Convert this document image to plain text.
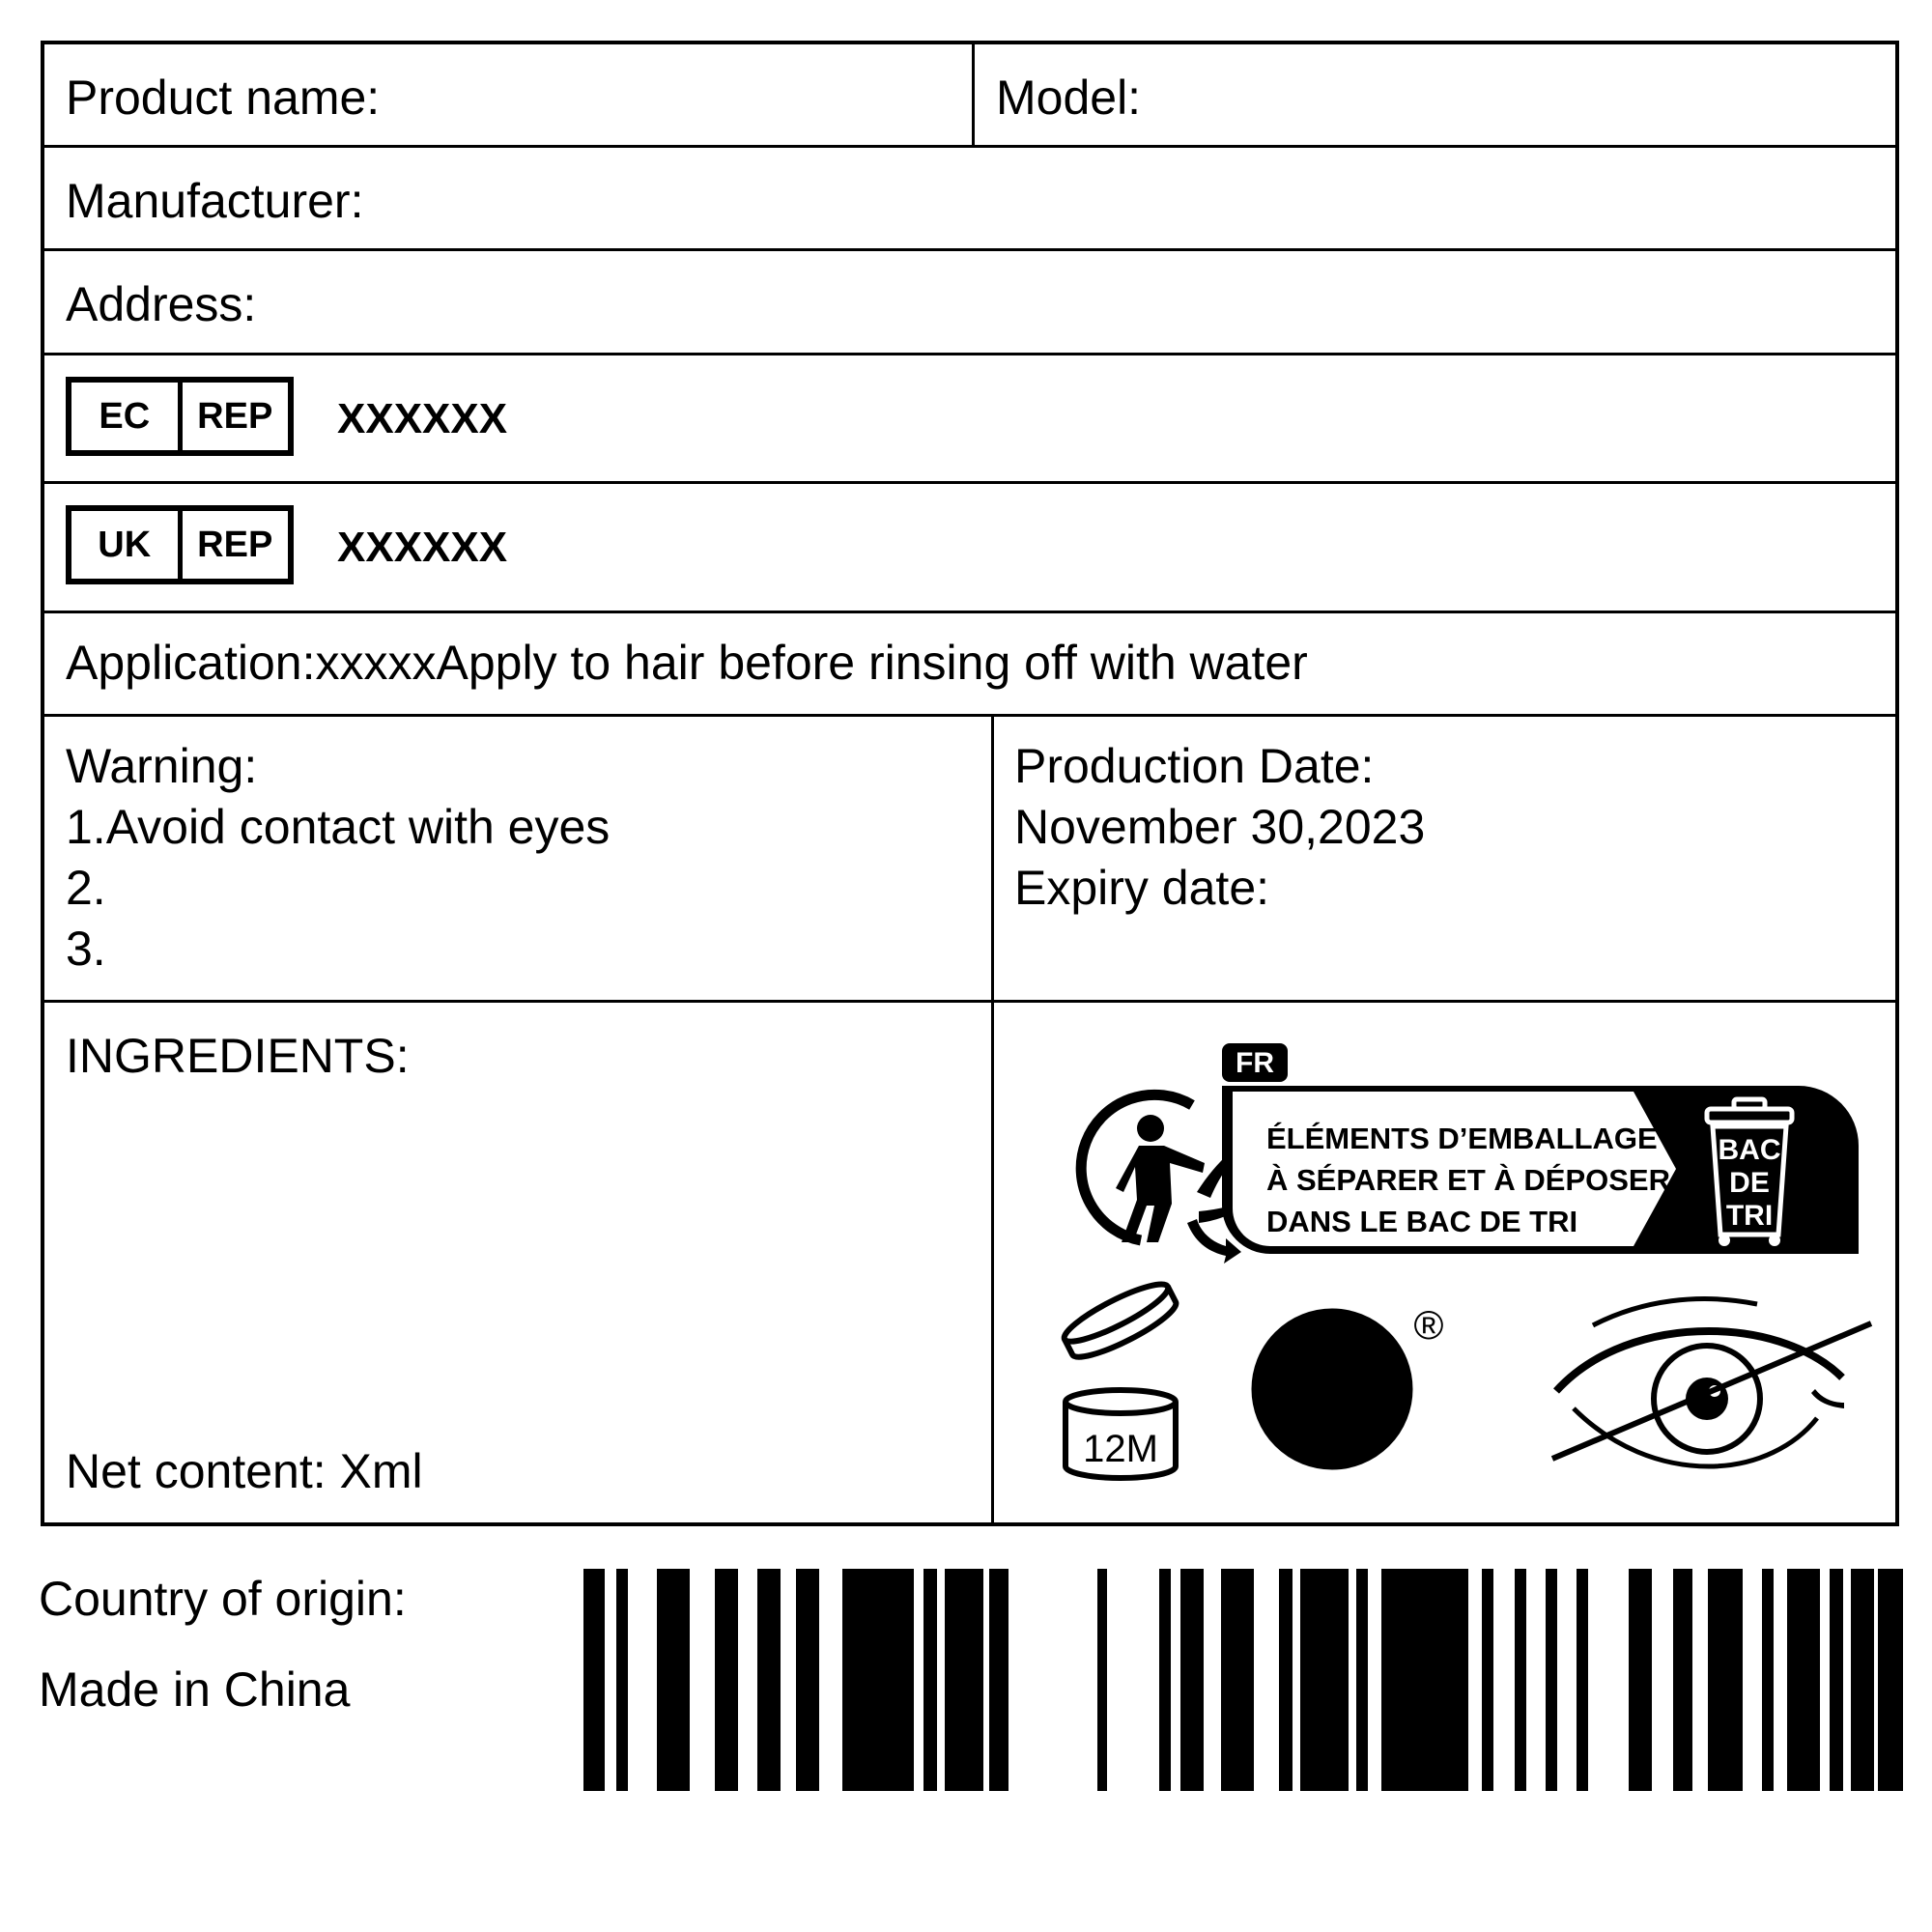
Product name:	Model:
Manufacturer:
Address:
EC	REP	XXXXXX
UK	REP	XXXXXX
Application:xxxxxApply to hair before rinsing off with water
Warning:
1.Avoid contact with eyes
2.
3.
Production Date:
November 30,2023
Expiry date:
INGREDIENTS:
Net content: Xml
FR
ÉLÉMENTS D’EMBALLAGE
À SÉPARER ET À DÉPOSER
DANS LE BAC DE TRI
BAC
DE
TRI
12M
®
Country of origin:
Made in China
